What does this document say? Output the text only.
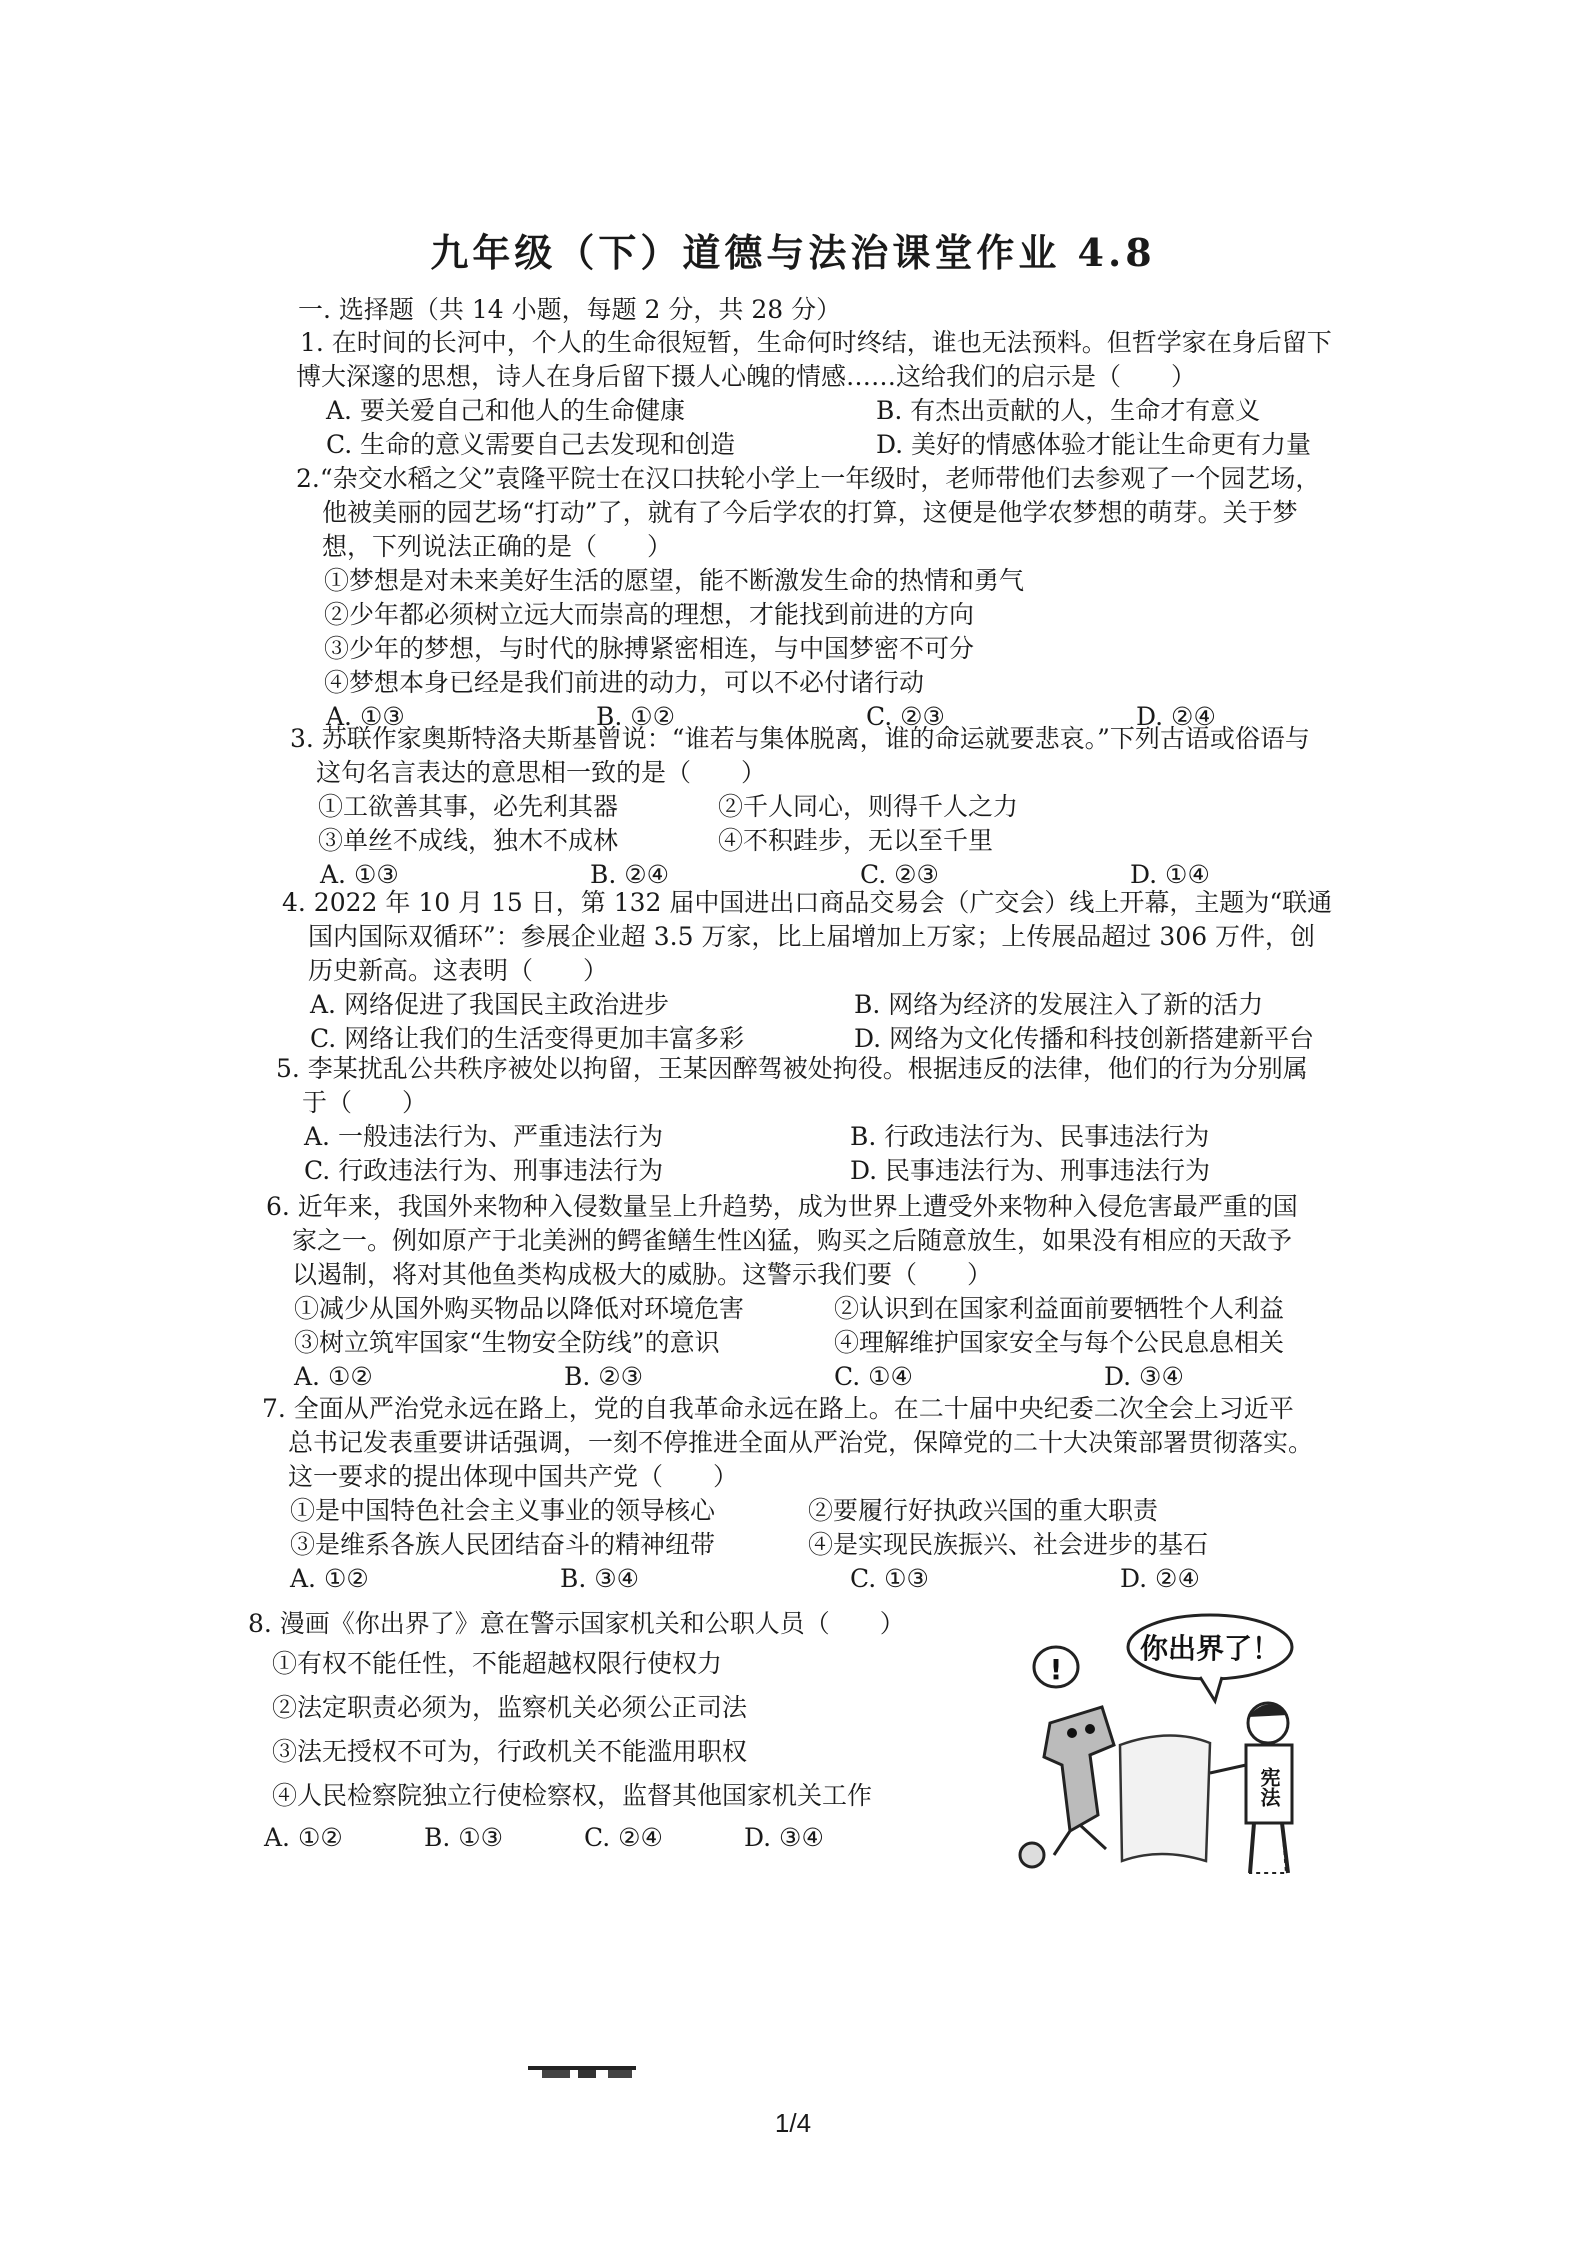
九年级（下）道德与法治课堂作业 4.8
一. 选择题（共 14 小题，每题 2 分，共 28 分）

1. 在时间的长河中，个人的生命很短暂，生命何时终结，谁也无法预料。但哲学家在身后留下

博大深邃的思想，诗人在身后留下摄人心魄的情感……这给我们的启示是（　　）

A. 要关爱自己和他人的生命健康	B. 有杰出贡献的人，生命才有意义
C. 生命的意义需要自己去发现和创造	D. 美好的情感体验才能让生命更有力量

2.“杂交水稻之父”袁隆平院士在汉口扶轮小学上一年级时，老师带他们去参观了一个园艺场，

他被美丽的园艺场“打动”了，就有了今后学农的打算，这便是他学农梦想的萌芽。关于梦

想，下列说法正确的是（　　）

①梦想是对未来美好生活的愿望，能不断激发生命的热情和勇气
②少年都必须树立远大而崇高的理想，才能找到前进的方向
③少年的梦想，与时代的脉搏紧密相连，与中国梦密不可分
④梦想本身已经是我们前进的动力，可以不必付诸行动
A. ①③	B. ①②	C. ②③	D. ②④

3. 苏联作家奥斯特洛夫斯基曾说：“谁若与集体脱离，谁的命运就要悲哀。”下列古语或俗语与

这句名言表达的意思相一致的是（　　）

①工欲善其事，必先利其器	②千人同心，则得千人之力
③单丝不成线，独木不成林	④不积跬步，无以至千里
A. ①③	B. ②④	C. ②③	D. ①④

4. 2022 年 10 月 15 日，第 132 届中国进出口商品交易会（广交会）线上开幕，主题为“联通

国内国际双循环”：参展企业超 3.5 万家，比上届增加上万家；上传展品超过 306 万件，创

历史新高。这表明（　　）

A. 网络促进了我国民主政治进步	B. 网络为经济的发展注入了新的活力
C. 网络让我们的生活变得更加丰富多彩	D. 网络为文化传播和科技创新搭建新平台

5. 李某扰乱公共秩序被处以拘留，王某因醉驾被处拘役。根据违反的法律，他们的行为分别属

于（　　）

A. 一般违法行为、严重违法行为	B. 行政违法行为、民事违法行为
C. 行政违法行为、刑事违法行为	D. 民事违法行为、刑事违法行为

6. 近年来，我国外来物种入侵数量呈上升趋势，成为世界上遭受外来物种入侵危害最严重的国

家之一。例如原产于北美洲的鳄雀鳝生性凶猛，购买之后随意放生，如果没有相应的天敌予

以遏制，将对其他鱼类构成极大的威胁。这警示我们要（　　）

①减少从国外购买物品以降低对环境危害	②认识到在国家利益面前要牺牲个人利益
③树立筑牢国家“生物安全防线”的意识	④理解维护国家安全与每个公民息息相关
A. ①②	B. ②③	C. ①④	D. ③④

7. 全面从严治党永远在路上，党的自我革命永远在路上。在二十届中央纪委二次全会上习近平

总书记发表重要讲话强调，一刻不停推进全面从严治党，保障党的二十大决策部署贯彻落实。

这一要求的提出体现中国共产党（　　）

①是中国特色社会主义事业的领导核心	②要履行好执政兴国的重大职责
③是维系各族人民团结奋斗的精神纽带	④是实现民族振兴、社会进步的基石
A. ①②	B. ③④	C. ①③	D. ②④

8. 漫画《你出界了》意在警示国家机关和公职人员（　　）

①有权不能任性，不能超越权限行使权力
②法定职责必须为，监察机关必须公正司法
③法无授权不可为，行政机关不能滥用职权
④人民检察院独立行使检察权，监督其他国家机关工作
A. ①②	B. ①③	C. ②④	D. ③④
你出界了！
!
宪法
1/4
